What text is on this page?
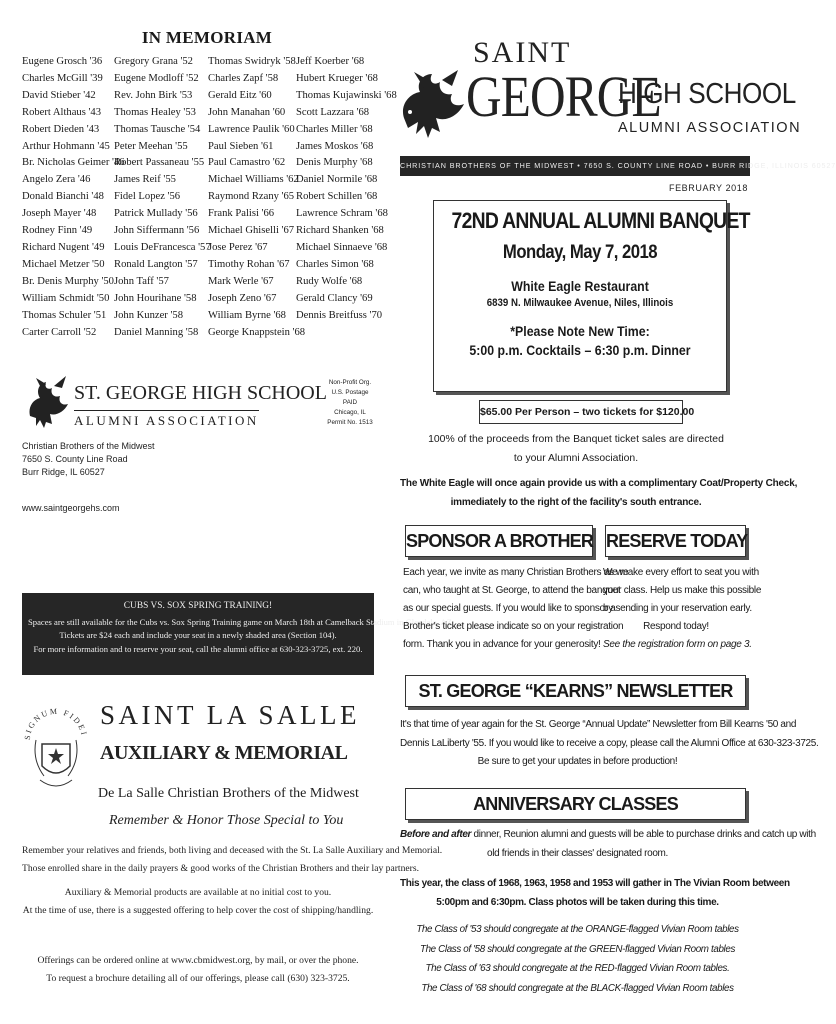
IN MEMORIAM
Eugene Grosch '36
Charles McGill '39
David Stieber '42
Robert Althaus '43
Robert Dieden '43
Arthur Hohmann '45
Br. Nicholas Geimer '46
Angelo Zera '46
Donald Bianchi '48
Joseph Mayer '48
Rodney Finn '49
Richard Nugent '49
Michael Metzer '50
Br. Denis Murphy '50
William Schmidt '50
Thomas Schuler '51
Carter Carroll '52
Gregory Grana '52
Eugene Modloff '52
Rev. John Birk '53
Thomas Healey '53
Thomas Tausche '54
Peter Meehan '55
Robert Passaneau '55
James Reif '55
Fidel Lopez '56
Patrick Mullady '56
John Siffermann '56
Louis DeFrancesca '57
Ronald Langton '57
John Taff '57
John Hourihane '58
John Kunzer '58
Daniel Manning '58
Thomas Swidryk '58
Charles Zapf '58
Gerald Eitz '60
John Manahan '60
Lawrence Paulik '60
Paul Sieben '61
Paul Camastro '62
Michael Williams '62
Raymond Rzany '65
Frank Palisi '66
Michael Ghiselli '67
Jose Perez '67
Timothy Rohan '67
Mark Werle '67
Joseph Zeno '67
William Byrne '68
George Knappstein '68
Jeff Koerber '68
Hubert Krueger '68
Thomas Kujawinski '68
Scott Lazzara '68
Charles Miller '68
James Moskos '68
Denis Murphy '68
Daniel Normile '68
Robert Schillen '68
Lawrence Schram '68
Richard Shanken '68
Michael Sinnaeve '68
Charles Simon '68
Rudy Wolfe '68
Gerald Clancy '69
Dennis Breitfuss '70
ST. GEORGE HIGH SCHOOL
ALUMNI ASSOCIATION
Non-Profit Org.
U.S. Postage
PAID
Chicago, IL
Permit No. 1513
Christian Brothers of the Midwest
7650 S. County Line Road
Burr Ridge, IL 60527
www.saintgeorgehs.com
CUBS VS. SOX SPRING TRAINING!
Spaces are still available for the Cubs vs. Sox Spring Training game on March 18th at Camelback Stadium in Glendale, AZ.
Tickets are $24 each and include your seat in a newly shaded area (Section 104).
For more information and to reserve your seat, call the alumni office at 630-323-3725, ext. 220.
SIGNUM FIDEI
SAINT LA SALLE
AUXILIARY & MEMORIAL
De La Salle Christian Brothers of the Midwest
Remember & Honor Those Special to You
Remember your relatives and friends, both living and deceased with the St. La Salle Auxiliary and Memorial.
Those enrolled share in the daily prayers & good works of the Christian Brothers and their lay partners.
Auxiliary & Memorial products are available at no initial cost to you.
At the time of use, there is a suggested offering to help cover the cost of shipping/handling.
Offerings can be ordered online at www.cbmidwest.org, by mail, or over the phone.
To request a brochure detailing all of our offerings, please call (630) 323-3725.
SAINT
GEORGE
HIGH SCHOOL
ALUMNI ASSOCIATION
CHRISTIAN BROTHERS OF THE MIDWEST • 7650 S. COUNTY LINE ROAD • BURR RIDGE, ILLINOIS 60527
FEBRUARY 2018
72ND ANNUAL ALUMNI BANQUET
Monday, May 7, 2018
White Eagle Restaurant
6839 N. Milwaukee Avenue, Niles, Illinois
*Please Note New Time:
5:00 p.m. Cocktails – 6:30 p.m. Dinner
$65.00 Per Person – two tickets for $120.00
100% of the proceeds from the Banquet ticket sales are directed
to your Alumni Association.
The White Eagle will once again provide us with a complimentary Coat/Property Check,
immediately to the right of the facility's south entrance.
SPONSOR A BROTHER RESERVE TODAY
Each year, we invite as many Christian Brothers as we
can, who taught at St. George, to attend the banquet
as our special guests. If you would like to sponsor a
Brother's ticket please indicate so on your registration
form. Thank you in advance for your generosity!
We make every effort to seat you with
your class. Help us make this possible
by sending in your reservation early.
Respond today!
See the registration form on page 3.
ST. GEORGE “KEARNS” NEWSLETTER
It's that time of year again for the St. George “Annual Update” Newsletter from Bill Kearns '50 and
Dennis LaLiberty '55. If you would like to receive a copy, please call the Alumni Office at 630-323-3725.
Be sure to get your updates in before production!
ANNIVERSARY CLASSES
Before and after dinner, Reunion alumni and guests will be able to purchase drinks and catch up with
old friends in their classes' designated room.
This year, the class of 1968, 1963, 1958 and 1953 will gather in The Vivian Room between
5:00pm and 6:30pm. Class photos will be taken during this time.
The Class of '53 should congregate at the ORANGE-flagged Vivian Room tables
The Class of '58 should congregate at the GREEN-flagged Vivian Room tables
The Class of '63 should congregate at the RED-flagged Vivian Room tables.
The Class of '68 should congregate at the BLACK-flagged Vivian Room tables
